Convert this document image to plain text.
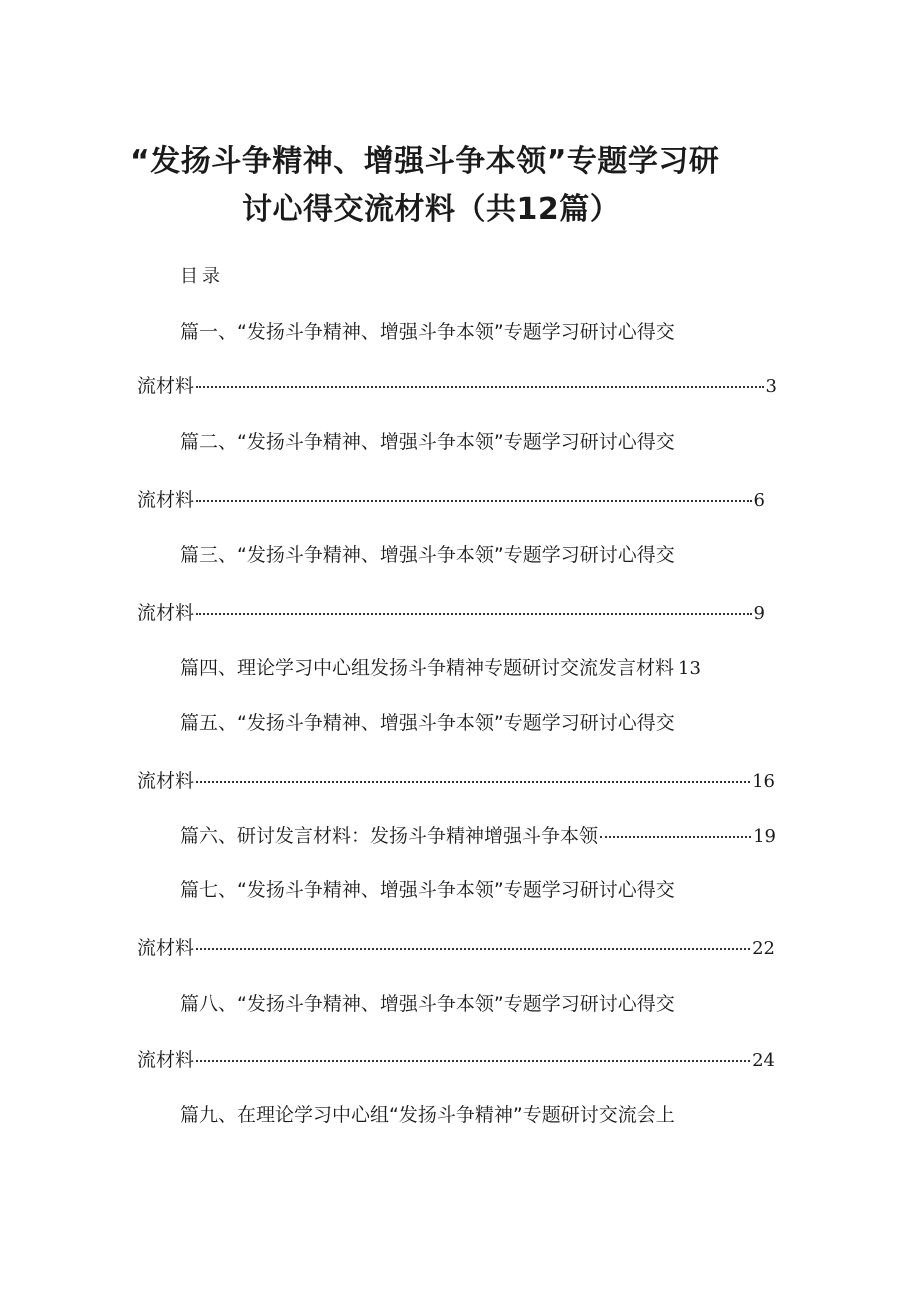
“发扬斗争精神、增强斗争本领”专题学习研
讨心得交流材料（共12篇）
目录
篇一、“发扬斗争精神、增强斗争本领”专题学习研讨心得交
流材料	3
篇二、“发扬斗争精神、增强斗争本领”专题学习研讨心得交
流材料	6
篇三、“发扬斗争精神、增强斗争本领”专题学习研讨心得交
流材料	9
篇四、理论学习中心组发扬斗争精神专题研讨交流发言材料 13
篇五、“发扬斗争精神、增强斗争本领”专题学习研讨心得交
流材料	16
篇六、研讨发言材料：发扬斗争精神增强斗争本领	19
篇七、“发扬斗争精神、增强斗争本领”专题学习研讨心得交
流材料	22
篇八、“发扬斗争精神、增强斗争本领”专题学习研讨心得交
流材料	24
篇九、在理论学习中心组“发扬斗争精神”专题研讨交流会上
